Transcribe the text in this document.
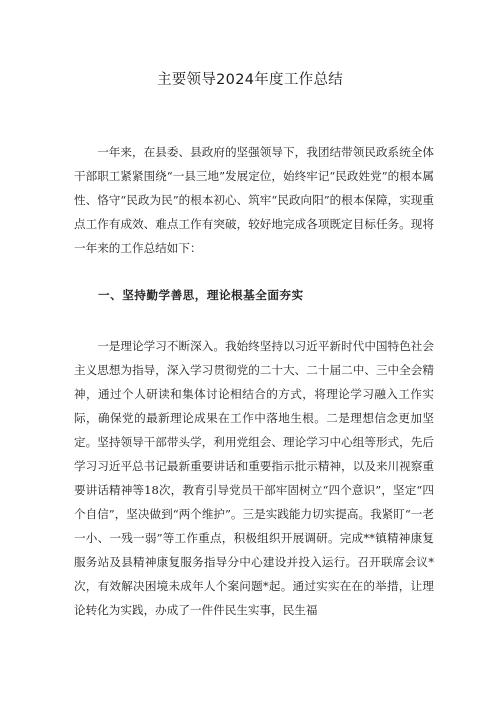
主要领导2024年度工作总结

一年来，在县委、县政府的坚强领导下，我团结带领民政系统全体干部职工紧紧围绕“一县三地”发展定位，始终牢记“民政姓党”的根本属性、恪守“民政为民”的根本初心、筑牢“民政向阳”的根本保障，实现重点工作有成效、难点工作有突破，较好地完成各项既定目标任务。现将一年来的工作总结如下：

一、坚持勤学善思，理论根基全面夯实

一是理论学习不断深入。我始终坚持以习近平新时代中国特色社会主义思想为指导，深入学习贯彻党的二十大、二十届二中、三中全会精神，通过个人研读和集体讨论相结合的方式，将理论学习融入工作实际，确保党的最新理论成果在工作中落地生根。二是理想信念更加坚定。坚持领导干部带头学，利用党组会、理论学习中心组等形式，先后学习习近平总书记最新重要讲话和重要指示批示精神，以及来川视察重要讲话精神等18次，教育引导党员干部牢固树立“四个意识”，坚定“四个自信”，坚决做到“两个维护”。三是实践能力切实提高。我紧盯“一老一小、一残一弱”等工作重点，积极组织开展调研。完成**镇精神康复服务站及县精神康复服务指导分中心建设并投入运行。召开联席会议*次，有效解决困境未成年人个案问题*起。通过实实在在的举措，让理论转化为实践，办成了一件件民生实事，民生福
